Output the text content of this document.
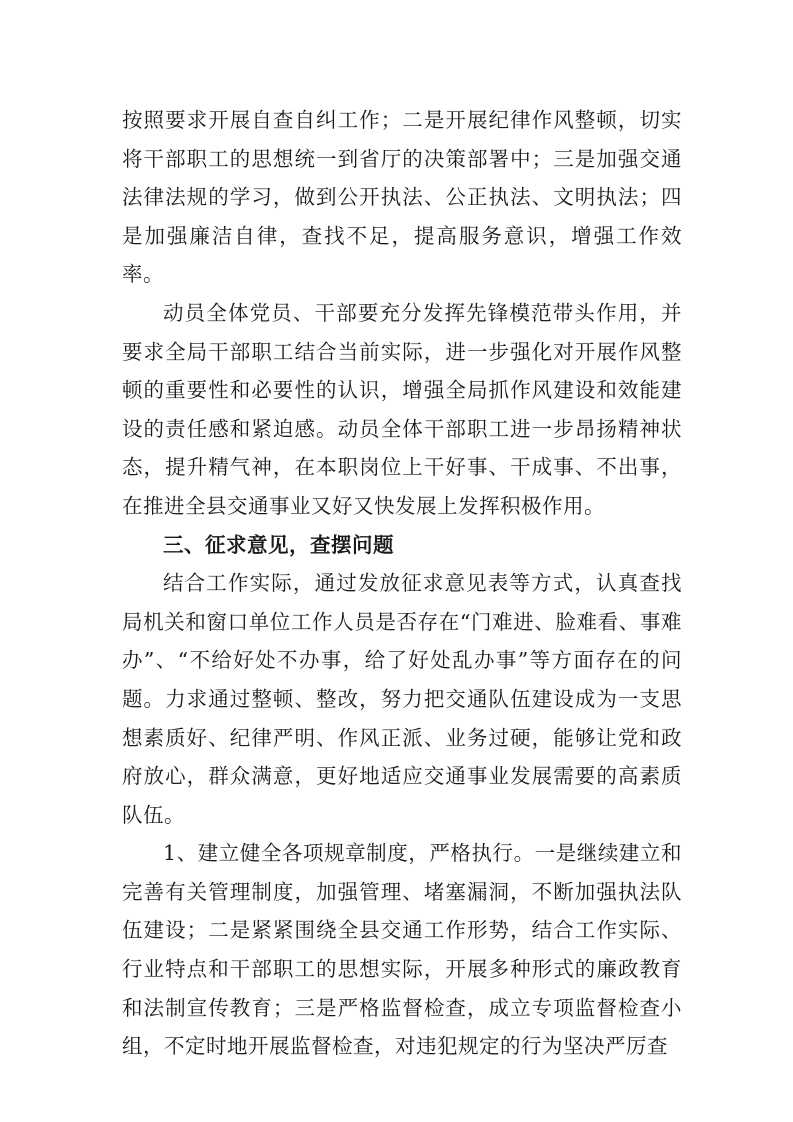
按照要求开展自查自纠工作；二是开展纪律作风整顿，切实将干部职工的思想统一到省厅的决策部署中；三是加强交通法律法规的学习，做到公开执法、公正执法、文明执法；四是加强廉洁自律，查找不足，提高服务意识，增强工作效率。

动员全体党员、干部要充分发挥先锋模范带头作用，并要求全局干部职工结合当前实际，进一步强化对开展作风整顿的重要性和必要性的认识，增强全局抓作风建设和效能建设的责任感和紧迫感。动员全体干部职工进一步昂扬精神状态，提升精气神，在本职岗位上干好事、干成事、不出事，在推进全县交通事业又好又快发展上发挥积极作用。

三、征求意见，查摆问题

结合工作实际，通过发放征求意见表等方式，认真查找局机关和窗口单位工作人员是否存在“门难进、脸难看、事难办”、“不给好处不办事，给了好处乱办事”等方面存在的问题。力求通过整顿、整改，努力把交通队伍建设成为一支思想素质好、纪律严明、作风正派、业务过硬，能够让党和政府放心，群众满意，更好地适应交通事业发展需要的高素质队伍。

1、建立健全各项规章制度，严格执行。一是继续建立和完善有关管理制度，加强管理、堵塞漏洞，不断加强执法队伍建设；二是紧紧围绕全县交通工作形势，结合工作实际、行业特点和干部职工的思想实际，开展多种形式的廉政教育和法制宣传教育；三是严格监督检查，成立专项监督检查小组，不定时地开展监督检查，对违犯规定的行为坚决严厉查
